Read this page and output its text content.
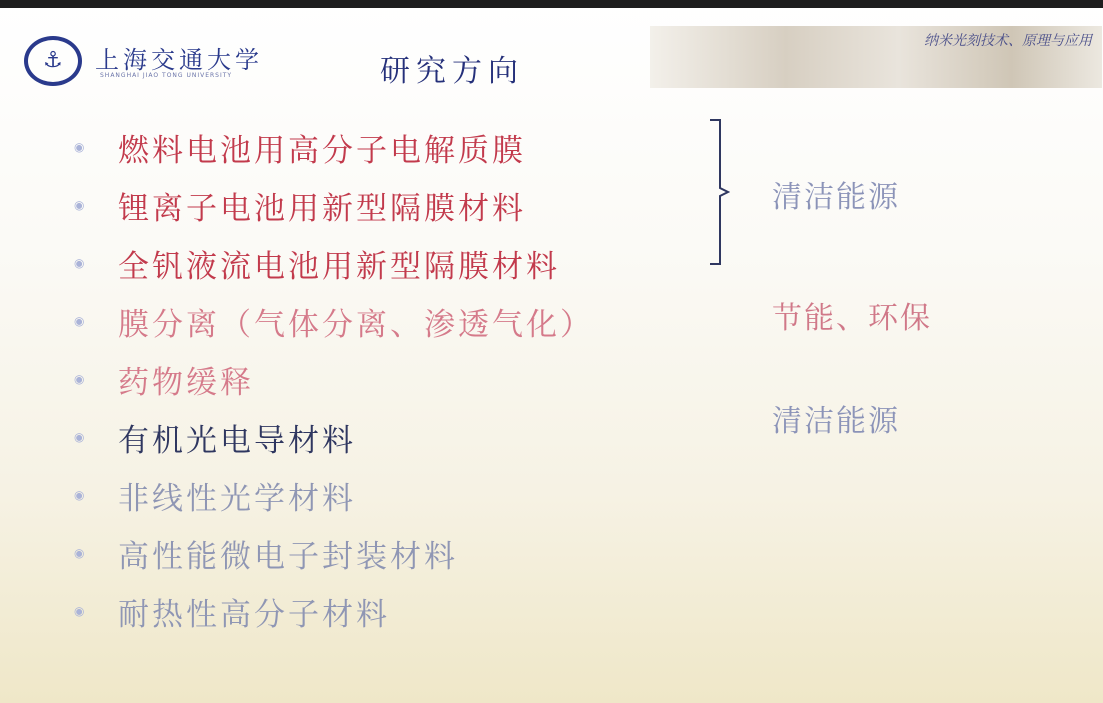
⚓ 上海交通大学
SHANGHAI JIAO TONG UNIVERSITY	研究方向
纳米光刻技术、原理与应用
◉ 燃料电池用高分子电解质膜
◉ 锂离子电池用新型隔膜材料
◉ 全钒液流电池用新型隔膜材料
◉ 膜分离（气体分离、渗透气化）
◉ 药物缓释
◉ 有机光电导材料
◉ 非线性光学材料
◉ 高性能微电子封装材料
◉ 耐热性高分子材料
清洁能源
节能、环保
清洁能源
